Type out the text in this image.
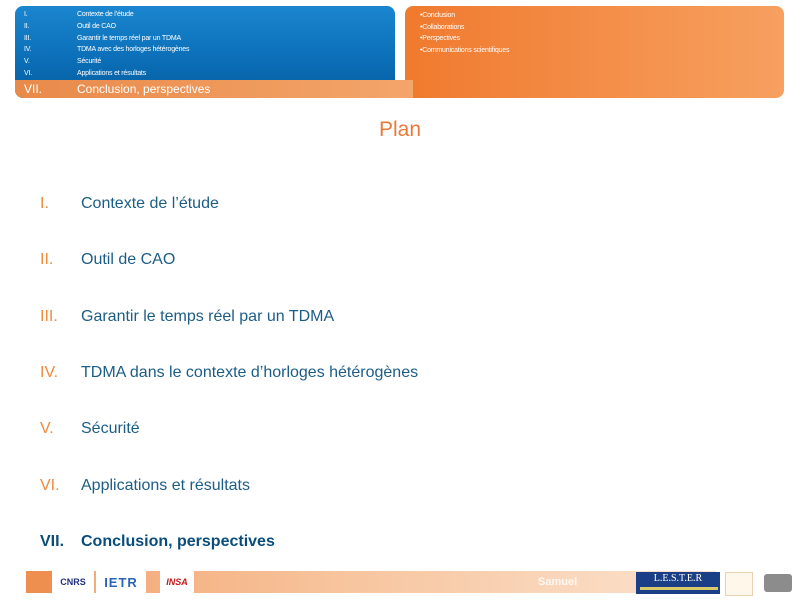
I.	Contexte de l’étude
II.	Outil de CAO
III.	Garantir le temps réel par un TDMA
IV.	TDMA avec des horloges hétérogènes
V.	Sécurité
VI.	Applications et résultats
•Conclusion
•Collaborations
•Perspectives
•Communications scientifiques
VII.	Conclusion, perspectives
Plan
I.	Contexte de l’étude
II.	Outil de CAO
III.	Garantir le temps réel par un TDMA
IV.	TDMA dans le contexte d’horloges hétérogènes
V.	Sécurité
VI.	Applications et résultats
VII.	Conclusion, perspectives
CNRS IETR	INSA	Samuel	L.E.S.T.E.R
